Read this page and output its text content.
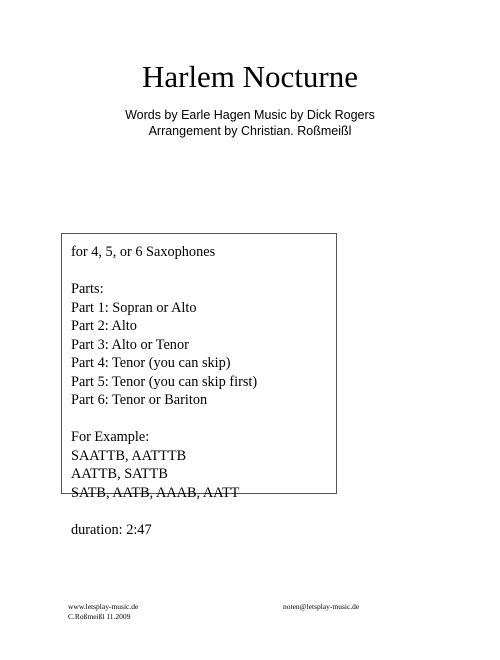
Harlem Nocturne
Words by Earle Hagen Music by Dick Rogers
Arrangement by Christian. Roßmeißl
for 4, 5, or 6 Saxophones
Parts:
Part 1: Sopran or Alto
Part 2: Alto
Part 3: Alto or Tenor
Part 4: Tenor (you can skip)
Part 5: Tenor (you can skip first)
Part 6: Tenor or Bariton
For Example:
SAATTB, AATTTB
AATTB, SATTB
SATB, AATB, AAAB, AATT
duration: 2:47
www.letsplay-music.de
C.Roßmeißl 11.2009
noten@letsplay-music.de
